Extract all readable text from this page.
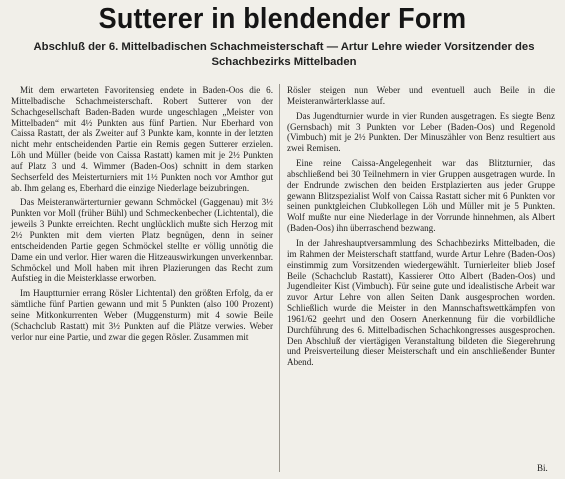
Sutterer in blendender Form
Abschluß der 6. Mittelbadischen Schachmeisterschaft — Artur Lehre wieder Vorsitzender des Schachbezirks Mittelbaden

Mit dem erwarteten Favoritensieg endete in Baden-Oos die 6. Mittelbadische Schachmeisterschaft. Robert Sutterer von der Schachgesellschaft Baden-Baden wurde ungeschlagen „Meister von Mittelbaden“ mit 4½ Punkten aus fünf Partien. Nur Eberhard von Caissa Rastatt, der als Zweiter auf 3 Punkte kam, konnte in der letzten nicht mehr entscheidenden Partie ein Remis gegen Sutterer erzielen. Löh und Müller (beide von Caissa Rastatt) kamen mit je 2½ Punkten auf Platz 3 und 4. Wimmer (Baden-Oos) schnitt in dem starken Sechserfeld des Meisterturniers mit 1½ Punkten noch vor Amthor gut ab. Ihm gelang es, Eberhard die einzige Niederlage beizubringen.

Das Meisteranwärterturnier gewann Schmöckel (Gaggenau) mit 3½ Punkten vor Moll (früher Bühl) und Schmeckenbecher (Lichtental), die jeweils 3 Punkte erreichten. Recht unglücklich mußte sich Herzog mit 2½ Punkten mit dem vierten Platz begnügen, denn in seiner entscheidenden Partie gegen Schmöckel stellte er völlig unnötig die Dame ein und verlor. Hier waren die Hitzeauswirkungen unverkennbar. Schmöckel und Moll haben mit ihren Plazierungen das Recht zum Aufstieg in die Meisterklasse erworben.

Im Hauptturnier errang Rösler Lichtental) den größten Erfolg, da er sämtliche fünf Partien gewann und mit 5 Punkten (also 100 Prozent) seine Mitkonkurrenten Weber (Muggensturm) mit 4 sowie Beile (Schachclub Rastatt) mit 3½ Punkten auf die Plätze verwies. Weber verlor nur eine Partie, und zwar die gegen Rösler. Zusammen mit

Rösler steigen nun Weber und eventuell auch Beile in die Meisteranwärterklasse auf.

Das Jugendturnier wurde in vier Runden ausgetragen. Es siegte Benz (Gernsbach) mit 3 Punkten vor Leber (Baden-Oos) und Regenold (Vimbuch) mit je 2½ Punkten. Der Minuszähler von Benz resultiert aus zwei Remisen.

Eine reine Caissa-Angelegenheit war das Blitzturnier, das abschließend bei 30 Teilnehmern in vier Gruppen ausgetragen wurde. In der Endrunde zwischen den beiden Erstplazierten aus jeder Gruppe gewann Blitzspezialist Wolf von Caissa Rastatt sicher mit 6 Punkten vor seinen punktgleichen Clubkollegen Löh und Müller mit je 5 Punkten. Wolf mußte nur eine Niederlage in der Vorrunde hinnehmen, als Albert (Baden-Oos) ihn überraschend bezwang.

In der Jahreshauptversammlung des Schachbezirks Mittelbaden, die im Rahmen der Meisterschaft stattfand, wurde Artur Lehre (Baden-Oos) einstimmig zum Vorsitzenden wiedergewählt. Turnierleiter blieb Josef Beile (Schachclub Rastatt), Kassierer Otto Albert (Baden-Oos) und Jugendleiter Kist (Vimbuch). Für seine gute und idealistische Arbeit war zuvor Artur Lehre von allen Seiten Dank ausgesprochen worden. Schließlich wurde die Meister in den Mannschaftswettkämpfen von 1961/62 geehrt und den Oosern Anerkennung für die vorbildliche Durchführung des 6. Mittelbadischen Schachkongresses ausgesprochen. Den Abschluß der viertägigen Veranstaltung bildeten die Siegerehrung und Preisverteilung dieser Meisterschaft und ein anschließender Bunter Abend.

Bi.
